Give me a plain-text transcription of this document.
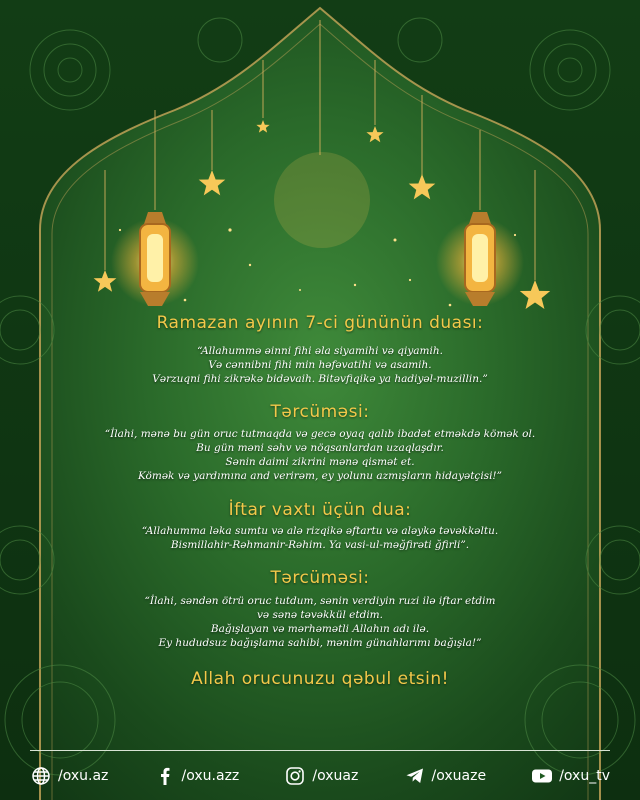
Ramazan ayının 7-ci gününün duası:
“Allahummə əinni fihi əla siyamihi və qiyamih.
Və cənnibni fihi min həfəvatihi və asamih.
Vərzuqni fihi zikrəkə bidəvaih. Bitəvfiqikə ya hadiyəl-muzillin.”
Tərcüməsi:
“İlahi, mənə bu gün oruc tutmaqda və gecə oyaq qalıb ibadət etməkdə kömək ol.
Bu gün məni səhv və nöqsanlardan uzaqlaşdır.
Sənin daimi zikrini mənə qismət et.
Kömək və yardımına and verirəm, ey yolunu azmışların hidayətçisi!”
İftar vaxtı üçün dua:
“Allahumma ləka sumtu və alə rizqikə əftartu və aləykə təvəkkəltu.
Bismillahir-Rəhmanir-Rəhim. Ya vasi-ul-məğfirəti ğfirli”.
Tərcüməsi:
“İlahi, səndən ötrü oruc tutdum, sənin verdiyin ruzi ilə iftar etdim
və sənə təvəkkül etdim.
Bağışlayan və mərhəmətli Allahın adı ilə.
Ey hududsuz bağışlama sahibi, mənim günahlarımı bağışla!”
Allah orucunuzu qəbul etsin!
/oxu.az	/oxu.azz	/oxuaz	/oxuaze	/oxu_tv
